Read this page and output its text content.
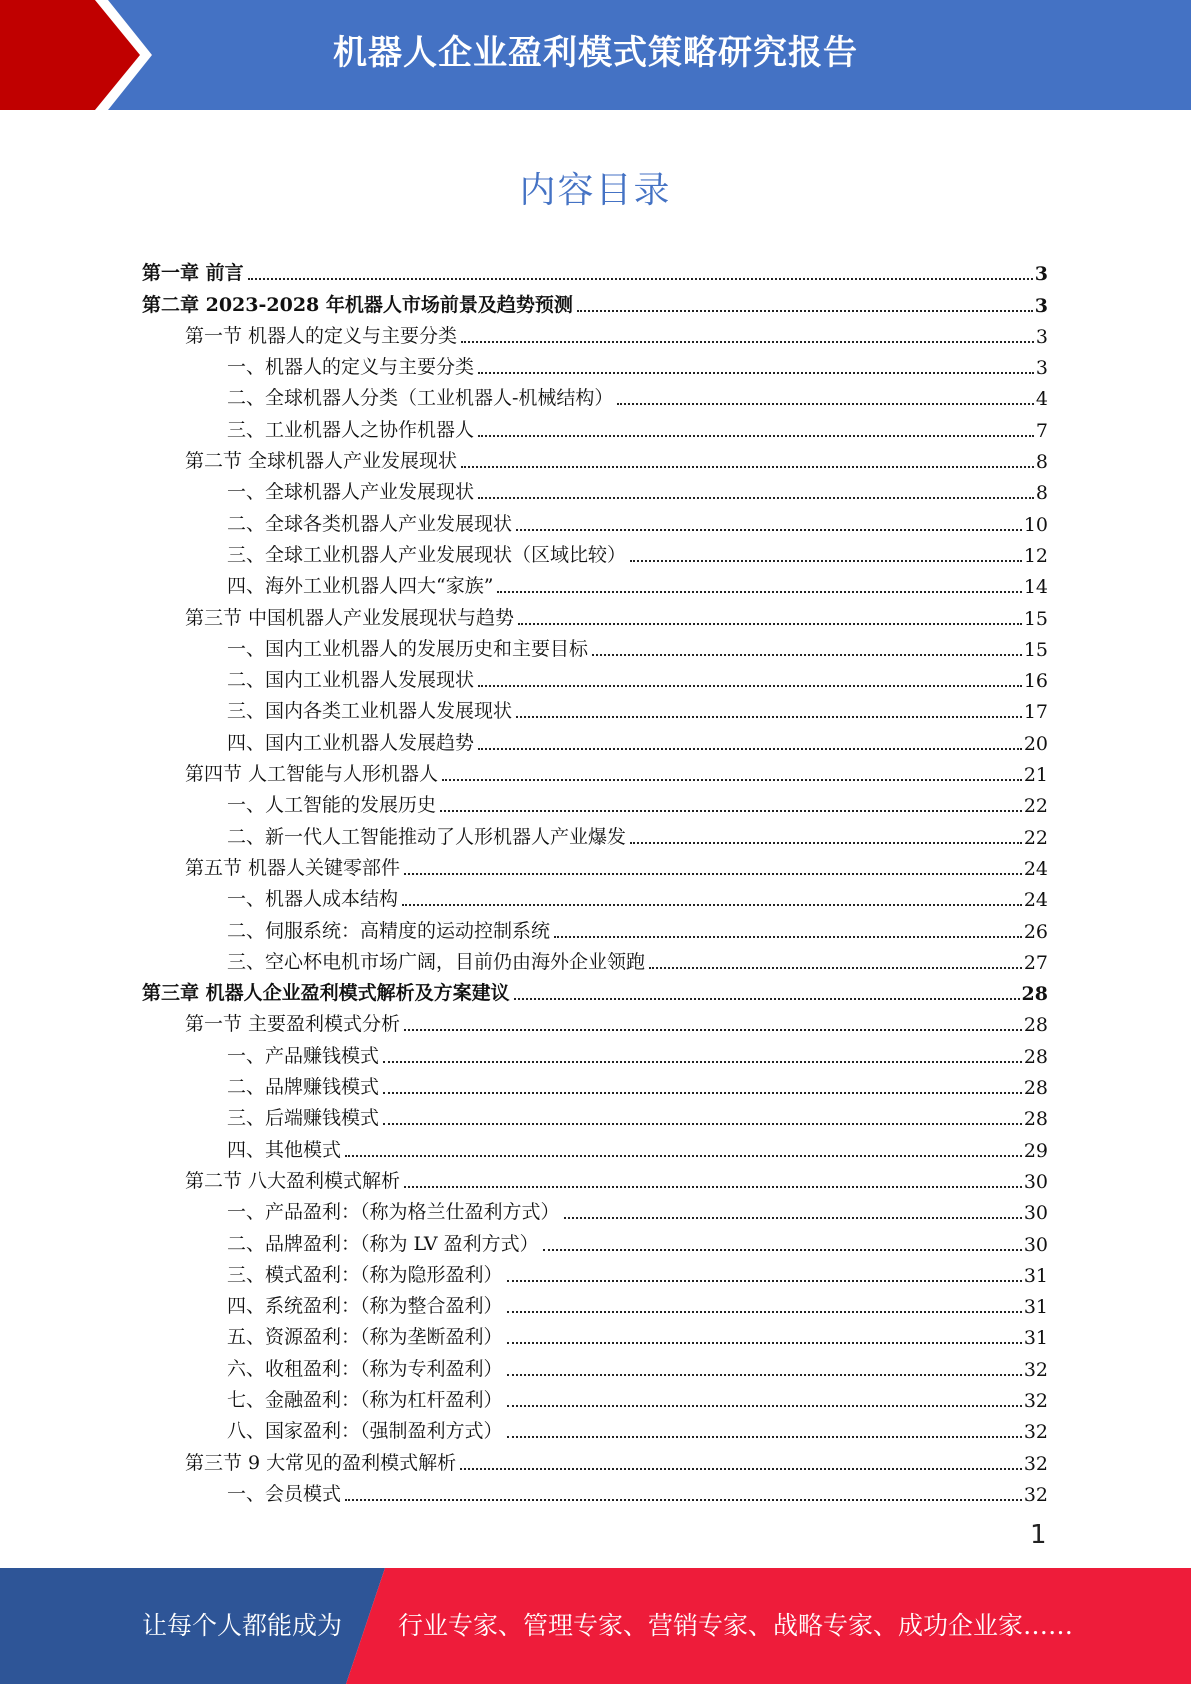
机器人企业盈利模式策略研究报告
内容目录
第一章 前言	3
第二章 2023-2028 年机器人市场前景及趋势预测	3
第一节 机器人的定义与主要分类	3
一、机器人的定义与主要分类	3
二、全球机器人分类（工业机器人-机械结构）	4
三、工业机器人之协作机器人	7
第二节 全球机器人产业发展现状	8
一、全球机器人产业发展现状	8
二、全球各类机器人产业发展现状	10
三、全球工业机器人产业发展现状（区域比较）	12
四、海外工业机器人四大“家族”	14
第三节 中国机器人产业发展现状与趋势	15
一、国内工业机器人的发展历史和主要目标	15
二、国内工业机器人发展现状	16
三、国内各类工业机器人发展现状	17
四、国内工业机器人发展趋势	20
第四节 人工智能与人形机器人	21
一、人工智能的发展历史	22
二、新一代人工智能推动了人形机器人产业爆发	22
第五节 机器人关键零部件	24
一、机器人成本结构	24
二、伺服系统：高精度的运动控制系统	26
三、空心杯电机市场广阔，目前仍由海外企业领跑	27
第三章 机器人企业盈利模式解析及方案建议	28
第一节 主要盈利模式分析	28
一、产品赚钱模式	28
二、品牌赚钱模式	28
三、后端赚钱模式	28
四、其他模式	29
第二节 八大盈利模式解析	30
一、产品盈利：（称为格兰仕盈利方式）	30
二、品牌盈利：（称为 LV 盈利方式）	30
三、模式盈利：（称为隐形盈利）	31
四、系统盈利：（称为整合盈利）	31
五、资源盈利：（称为垄断盈利）	31
六、收租盈利：（称为专利盈利）	32
七、金融盈利：（称为杠杆盈利）	32
八、国家盈利：（强制盈利方式）	32
第三节 9 大常见的盈利模式解析	32
一、会员模式	32
1
让每个人都能成为 行业专家、管理专家、营销专家、战略专家、成功企业家……
